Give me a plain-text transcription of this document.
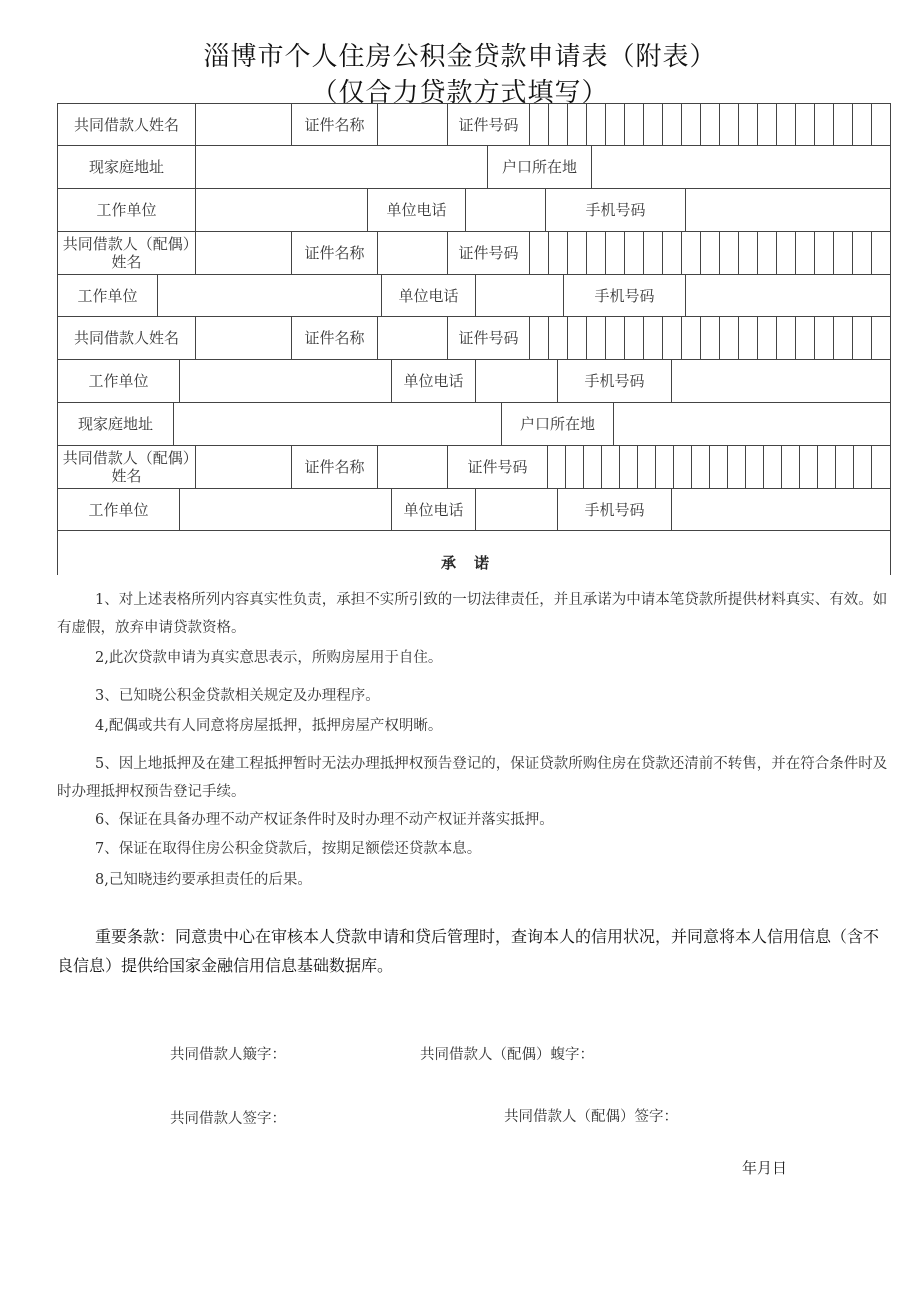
淄博市个人住房公积金贷款申请表（附表）
（仅合力贷款方式填写）
共同借款人姓名	证件名称	证件号码
现家庭地址	户口所在地
工作单位	单位电话	手机号码
共同借款人（配偶）姓名	证件名称	证件号码
工作单位	单位电话	手机号码
共同借款人姓名	证件名称	证件号码
工作单位	单位电话	手机号码
现家庭地址	户口所在地
共同借款人（配偶）姓名	证件名称	证件号码
工作单位	单位电话	手机号码
承诺
1、对上述表格所列内容真实性负责，承担不实所引致的一切法律责任，并且承诺为中请本笔贷款所提供材料真实、有效。如有虚假，放弃申请贷款资格。
2,此次贷款申请为真实意思表示，所购房屋用于自住。
3、已知晓公积金贷款相关规定及办理程序。
4,配偶或共有人同意将房屋抵押，抵押房屋产权明晰。
5、因上地抵押及在建工程抵押暂时无法办理抵押权预告登记的，保证贷款所购住房在贷款还清前不转售，并在符合条件时及时办理抵押权预告登记手续。
6、保证在具备办理不动产权证条件时及时办理不动产权证并落实抵押。
7、保证在取得住房公积金贷款后，按期足额偿还贷款本息。
8,己知晓违约要承担责任的后果。
重要条款：同意贵中心在审核本人贷款申请和贷后管理时，查询本人的信用状况，并同意将本人信用信息（含不良信息）提供给国家金融信用信息基础数据库。
共同借款人簸字：	共同借款人（配偶）蝮字：
共同借款人签字：	共同借款人（配偶）签字：
年月日
